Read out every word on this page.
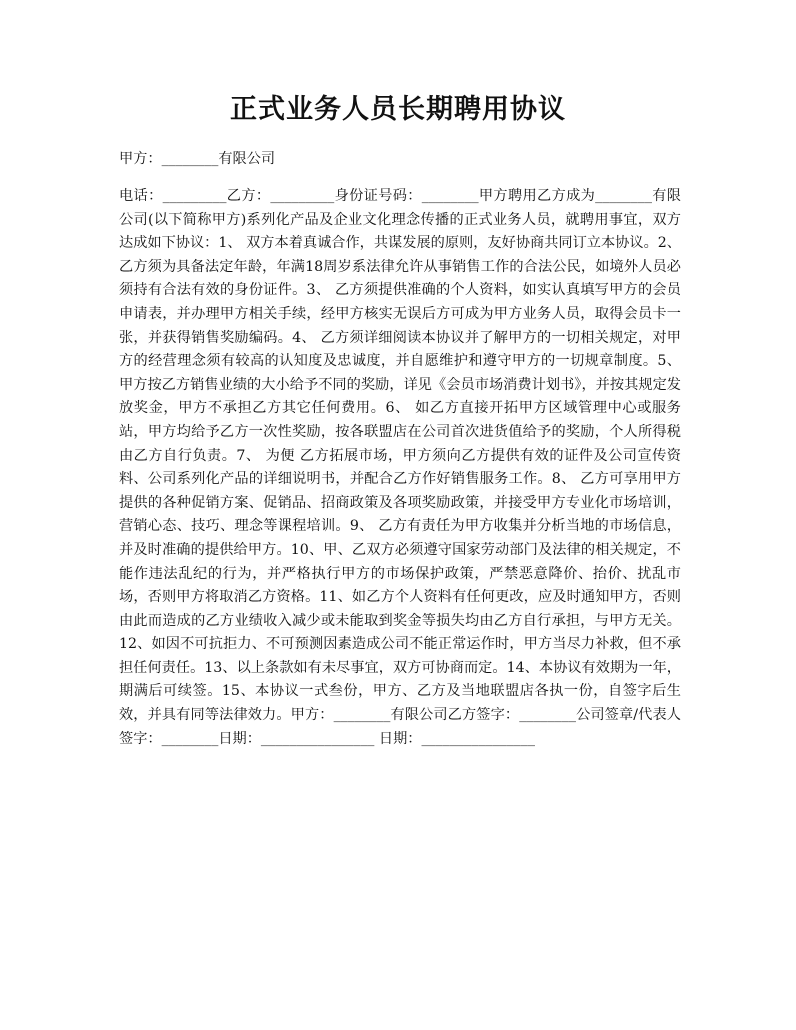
正式业务人员长期聘用协议

甲方：________有限公司

电话：_________乙方：_________身份证号码：________甲方聘用乙方成为________有限公司(以下简称甲方)系列化产品及企业文化理念传播的正式业务人员，就聘用事宜，双方达成如下协议：1、 双方本着真诚合作，共谋发展的原则，友好协商共同订立本协议。2、 乙方须为具备法定年龄，年满18周岁系法律允许从事销售工作的合法公民，如境外人员必须持有合法有效的身份证件。3、 乙方须提供准确的个人资料，如实认真填写甲方的会员申请表，并办理甲方相关手续，经甲方核实无误后方可成为甲方业务人员，取得会员卡一张，并获得销售奖励编码。4、 乙方须详细阅读本协议并了解甲方的一切相关规定，对甲方的经营理念须有较高的认知度及忠诚度，并自愿维护和遵守甲方的一切规章制度。5、 甲方按乙方销售业绩的大小给予不同的奖励，详见《会员市场消费计划书》，并按其规定发放奖金，甲方不承担乙方其它任何费用。6、 如乙方直接开拓甲方区域管理中心或服务站，甲方均给予乙方一次性奖励，按各联盟店在公司首次进货值给予的奖励，个人所得税由乙方自行负责。7、 为便 乙方拓展市场，甲方须向乙方提供有效的证件及公司宣传资料、公司系列化产品的详细说明书，并配合乙方作好销售服务工作。8、 乙方可享用甲方提供的各种促销方案、促销品、招商政策及各项奖励政策，并接受甲方专业化市场培训，营销心态、技巧、理念等课程培训。9、 乙方有责任为甲方收集并分析当地的市场信息，并及时准确的提供给甲方。10、甲、乙双方必须遵守国家劳动部门及法律的相关规定，不能作违法乱纪的行为，并严格执行甲方的市场保护政策，严禁恶意降价、抬价、扰乱市场，否则甲方将取消乙方资格。11、如乙方个人资料有任何更改，应及时通知甲方，否则由此而造成的乙方业绩收入减少或未能取到奖金等损失均由乙方自行承担，与甲方无关。12、如因不可抗拒力、不可预测因素造成公司不能正常运作时，甲方当尽力补救，但不承担任何责任。13、以上条款如有未尽事宜，双方可协商而定。14、本协议有效期为一年，期满后可续签。15、本协议一式叁份，甲方、乙方及当地联盟店各执一份，自签字后生效，并具有同等法律效力。甲方：________有限公司乙方签字：________公司签章/代表人签字：________日期：________________ 日期：________________
